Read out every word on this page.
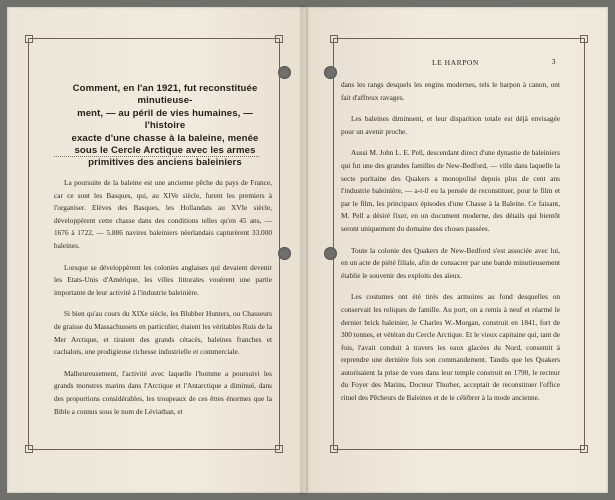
Comment, en l'an 1921, fut reconstituée minutieuse-
ment, — au péril de vies humaines, — l'histoire
exacte d'une chasse à la baleine, menée
sous le Cercle Arctique avec les armes
primitives des anciens baleiniers

La poursuite de la baleine est une ancienne pêche du pays de France, car ce sont les Basques, qui, au XIVe siècle, furent les premiers à l'organiser. Elèves des Basques, les Hollandais au XVIe siècle, développèrent cette chasse dans des conditions telles qu'en 45 ans, — 1676 à 1722, — 5.886 navires baleiniers néerlandais capturèrent 33.000 baleines.

Lorsque se développèrent les colonies anglaises qui devaient devenir les Etats-Unis d'Amérique, les villes littorales vouèrent une partie importante de leur activité à l'industrie baleinière.

Si bien qu'au cours du XIXe siècle, les Blubber Hunters, ou Chasseurs de graisse du Massachussets en particulier, étaient les véritables Rois de la Mer Arctique, et tiraient des grands cétacés, baleines franches et cachalots, une prodigieuse richesse industrielle et commerciale.

Malheureusement, l'activité avec laquelle l'homme a poursuivi les grands monstres marins dans l'Arctique et l'Antarctique a diminué, dans des proportions considérables, les troupeaux de ces êtres énormes que la Bible a connus sous le nom de Léviathan, et

LE HARPON	3

dans les rangs desquels les engins modernes, tels le harpon à canon, ont fait d'affreux ravages.

Les baleines diminuent, et leur disparition totale est déjà envisagée pour un avenir proche.

Aussi M. John L. E. Pell, descendant direct d'une dynastie de baleiniers qui fut une des grandes familles de New-Bedford, — ville dans laquelle la secte puritaine des Quakers a monopolisé depuis plus de cent ans l'industrie baleinière, — a-t-il eu la pensée de reconstituer, pour le film et par le film, les principaux épisodes d'une Chasse à la Baleine. Ce faisant, M. Pell a désiré fixer, en un document moderne, des détails qui bientôt seront uniquement du domaine des choses passées.

Toute la colonie des Quakers de New-Bedford s'est associée avec lui, en un acte de piété filiale, afin de consacrer par une bande minutieusement établie le souvenir des exploits des aïeux.

Les costumes ont été tirés des armoires au fond desquelles on conservait les reliques de famille. Au port, on a remis à neuf et réarmé le dernier brick baleinier, le Charles W.-Morgan, construit en 1841, fort de 300 tonnes, et vétéran du Cercle Arctique. Et le vieux capitaine qui, tant de fois, l'avait conduit à travers les eaux glacées du Nord, consentit à reprendre une dernière fois son commandement. Tandis que les Quakers autorisaient la prise de vues dans leur temple construit en 1790, le recteur du Foyer des Marins, Docteur Thurber, acceptait de reconstituer l'office rituel des Pêcheurs de Baleines et de le célébrer à la mode ancienne.
